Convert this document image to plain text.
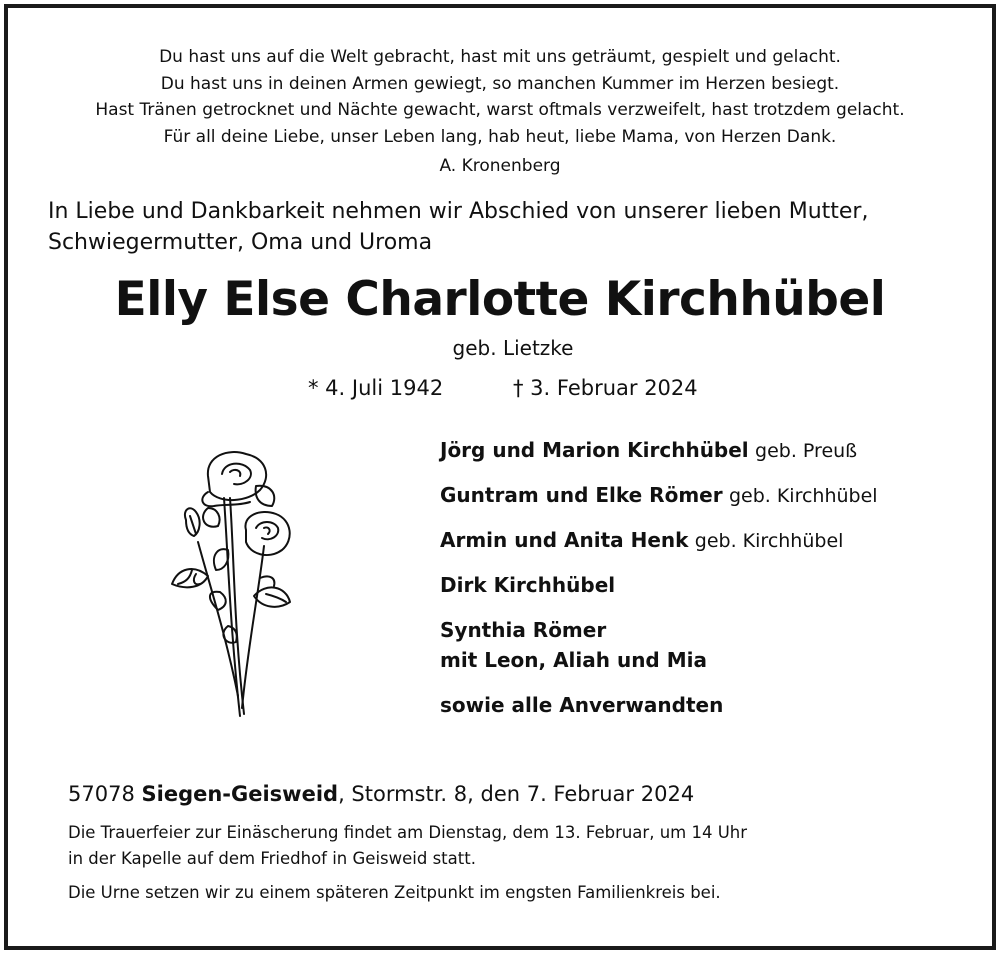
Du hast uns auf die Welt gebracht, hast mit uns geträumt, gespielt und gelacht.
Du hast uns in deinen Armen gewiegt, so manchen Kummer im Herzen besiegt.
Hast Tränen getrocknet und Nächte gewacht, warst oftmals verzweifelt, hast trotzdem gelacht.
Für all deine Liebe, unser Leben lang, hab heut, liebe Mama, von Herzen Dank.
A. Kronenberg
In Liebe und Dankbarkeit nehmen wir Abschied von unserer lieben Mutter,
Schwiegermutter, Oma und Uroma
Elly Else Charlotte Kirchhübel
geb. Lietzke
* 4. Juli 1942	† 3. Februar 2024
Jörg und Marion Kirchhübel geb. Preuß
Guntram und Elke Römer geb. Kirchhübel
Armin und Anita Henk geb. Kirchhübel
Dirk Kirchhübel
Synthia Römer
mit Leon, Aliah und Mia
sowie alle Anverwandten
57078 Siegen-Geisweid, Stormstr. 8, den 7. Februar 2024
Die Trauerfeier zur Einäscherung findet am Dienstag, dem 13. Februar, um 14 Uhr
in der Kapelle auf dem Friedhof in Geisweid statt.
Die Urne setzen wir zu einem späteren Zeitpunkt im engsten Familienkreis bei.
